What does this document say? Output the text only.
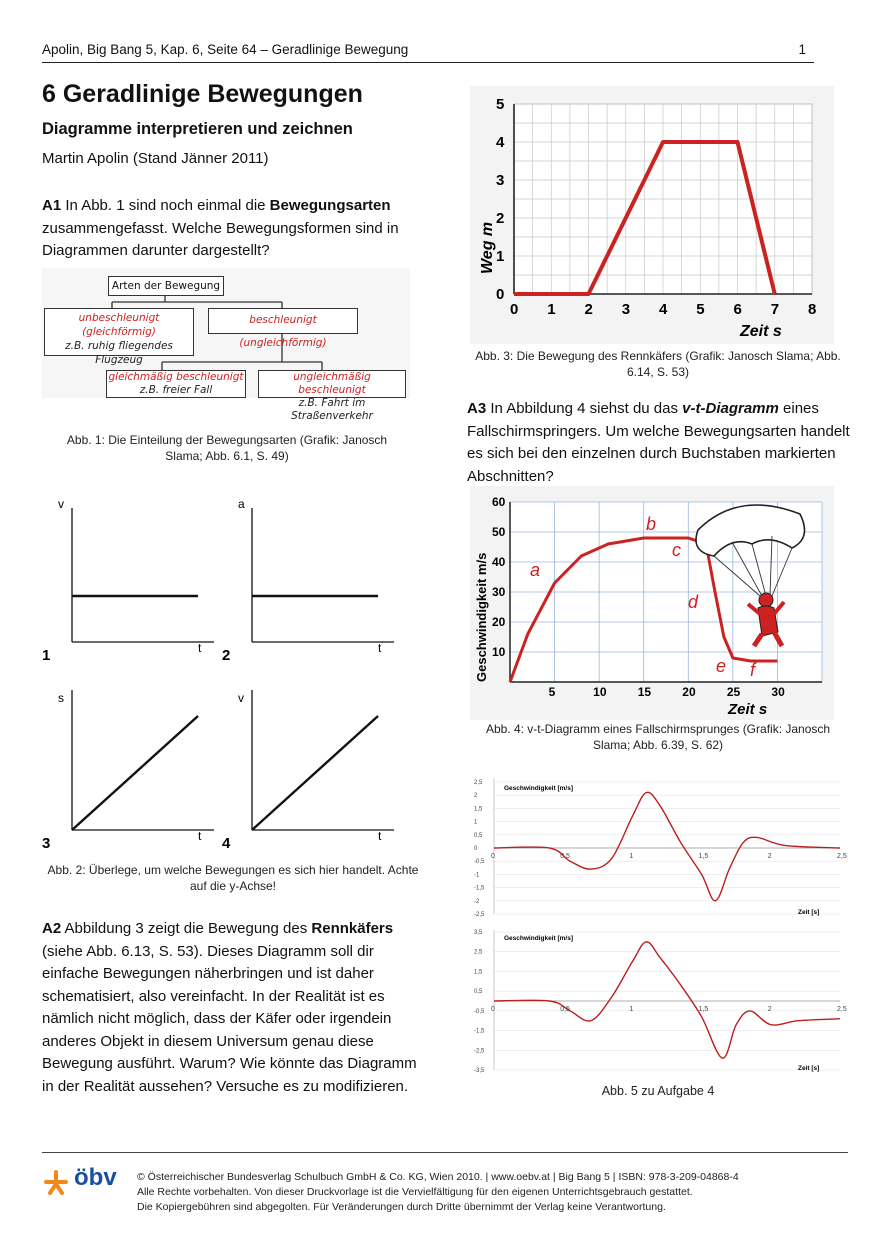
Apolin, Big Bang 5, Kap. 6, Seite 64 – Geradlinige Bewegung	1
6 Geradlinige Bewegungen
Diagramme interpretieren und zeichnen
Martin Apolin (Stand Jänner 2011)
A1 In Abb. 1 sind noch einmal die Bewegungsarten zusammengefasst. Welche Bewegungsformen sind in Diagrammen darunter dargestellt?
Arten der Bewegung
unbeschleunigt (gleichförmig)
z.B. ruhig fliegendes Flugzeug
beschleunigt (ungleichförmig)
gleichmäßig beschleunigt
z.B. freier Fall
ungleichmäßig beschleunigt
z.B. Fahrt im Straßenverkehr
Abb. 1: Die Einteilung der Bewegungsarten (Grafik: Janosch Slama; Abb. 6.1, S. 49)
v
t
a
t
s
t
v
t
1	2
3	4
Abb. 2: Überlege, um welche Bewegungen es sich hier handelt. Achte auf die y-Achse!
A2 Abbildung 3 zeigt die Bewegung des Rennkäfers (siehe Abb. 6.13, S. 53). Dieses Diagramm soll dir einfache Bewegungen näherbringen und ist daher schematisiert, also vereinfacht. In der Realität ist es nämlich nicht möglich, dass der Käfer oder irgendein anderes Objekt in diesem Universum genau diese Bewegung ausführt. Warum? Wie könnte das Diagramm in der Realität aussehen? Versuche es zu modifizieren.
0 1 2 3 4 5 6 7 8
0
1
2
3
4
5
Weg m
Zeit s
Abb. 3: Die Bewegung des Rennkäfers (Grafik: Janosch Slama; Abb. 6.14, S. 53)
A3 In Abbildung 4 siehst du das v-t-Diagramm eines Fallschirmspringers. Um welche Bewegungsarten handelt es sich bei den einzelnen durch Buchstaben markierten Abschnitten?
5	10	15	20	25	30
10
20
30
40
50
60
Geschwindigkeit m/s
Zeit s
a
b
c
d
e f
Abb. 4: v-t-Diagramm eines Fallschirmsprunges (Grafik: Janosch Slama; Abb. 6.39, S. 62)
2,5
2
1,5
1
0,5
0
-0,5
-1
-1,5
-2
-2,5
0	0,5	1	1,5	2	2,5
Geschwindigkeit [m/s]
Zeit [s]
3,5
2,5
1,5
0,5
-0,5
-1,5
-2,5
-3,5
0	0,5	1	1,5	2	2,5
Geschwindigkeit [m/s]
Zeit [s]
Abb. 5 zu Aufgabe 4
öbv © Österreichischer Bundesverlag Schulbuch GmbH & Co. KG, Wien 2010. | www.oebv.at | Big Bang 5 | ISBN: 978-3-209-04868-4
Alle Rechte vorbehalten. Von dieser Druckvorlage ist die Vervielfältigung für den eigenen Unterrichtsgebrauch gestattet.
Die Kopiergebühren sind abgegolten. Für Veränderungen durch Dritte übernimmt der Verlag keine Verantwortung.
